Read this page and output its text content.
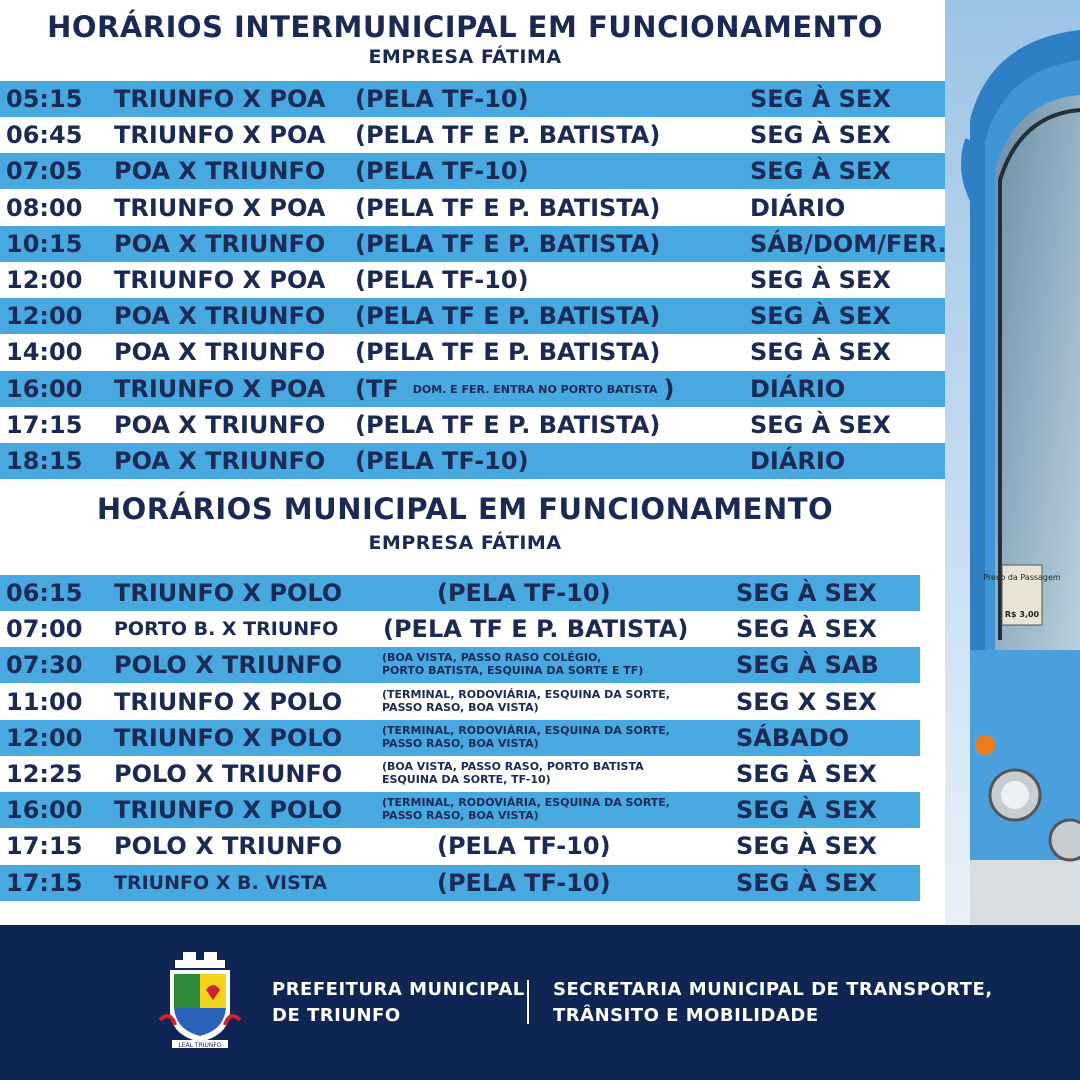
Preço da Passagem
R$ 3,00
HORÁRIOS INTERMUNICIPAL EM FUNCIONAMENTO
EMPRESA FÁTIMA
05:15 TRIUNFO X POA (PELA TF-10)	SEG À SEX
06:45 TRIUNFO X POA (PELA TF E P. BATISTA)	SEG À SEX
07:05 POA X TRIUNFO (PELA TF-10)	SEG À SEX
08:00 TRIUNFO X POA (PELA TF E P. BATISTA)	DIÁRIO
10:15 POA X TRIUNFO (PELA TF E P. BATISTA)	SÁB/DOM/FER.
12:00 TRIUNFO X POA (PELA TF-10)	SEG À SEX
12:00 POA X TRIUNFO (PELA TF E P. BATISTA)	SEG À SEX
14:00 POA X TRIUNFO (PELA TF E P. BATISTA)	SEG À SEX
16:00 TRIUNFO X POA (TF DOM. E FER. ENTRA NO PORTO BATISTA )	DIÁRIO
17:15 POA X TRIUNFO (PELA TF E P. BATISTA)	SEG À SEX
18:15 POA X TRIUNFO (PELA TF-10)	DIÁRIO
HORÁRIOS MUNICIPAL EM FUNCIONAMENTO
EMPRESA FÁTIMA
06:15 TRIUNFO X POLO	(PELA TF-10)	SEG À SEX
07:00 PORTO B. X TRIUNFO (PELA TF E P. BATISTA) SEG À SEX
07:30 POLO X TRIUNFO	(BOA VISTA, PASSO RASO COLÉGIO,
PORTO BATISTA, ESQUINA DA SORTE E TF)	SEG À SAB
11:00 TRIUNFO X POLO	(TERMINAL, RODOVIÁRIA, ESQUINA DA SORTE,
PASSO RASO, BOA VISTA)	SEG X SEX
12:00 TRIUNFO X POLO	(TERMINAL, RODOVIÁRIA, ESQUINA DA SORTE,
PASSO RASO, BOA VISTA)	SÁBADO
12:25 POLO X TRIUNFO	(BOA VISTA, PASSO RASO, PORTO BATISTA
ESQUINA DA SORTE, TF-10)	SEG À SEX
16:00 TRIUNFO X POLO	(TERMINAL, RODOVIÁRIA, ESQUINA DA SORTE,
PASSO RASO, BOA VISTA)	SEG À SEX
17:15 POLO X TRIUNFO	(PELA TF-10)	SEG À SEX
17:15 TRIUNFO X B. VISTA	(PELA TF-10)	SEG À SEX
LEAL TRIUNFO
PREFEITURA MUNICIPAL
DE TRIUNFO
SECRETARIA MUNICIPAL DE TRANSPORTE,
TRÂNSITO E MOBILIDADE
